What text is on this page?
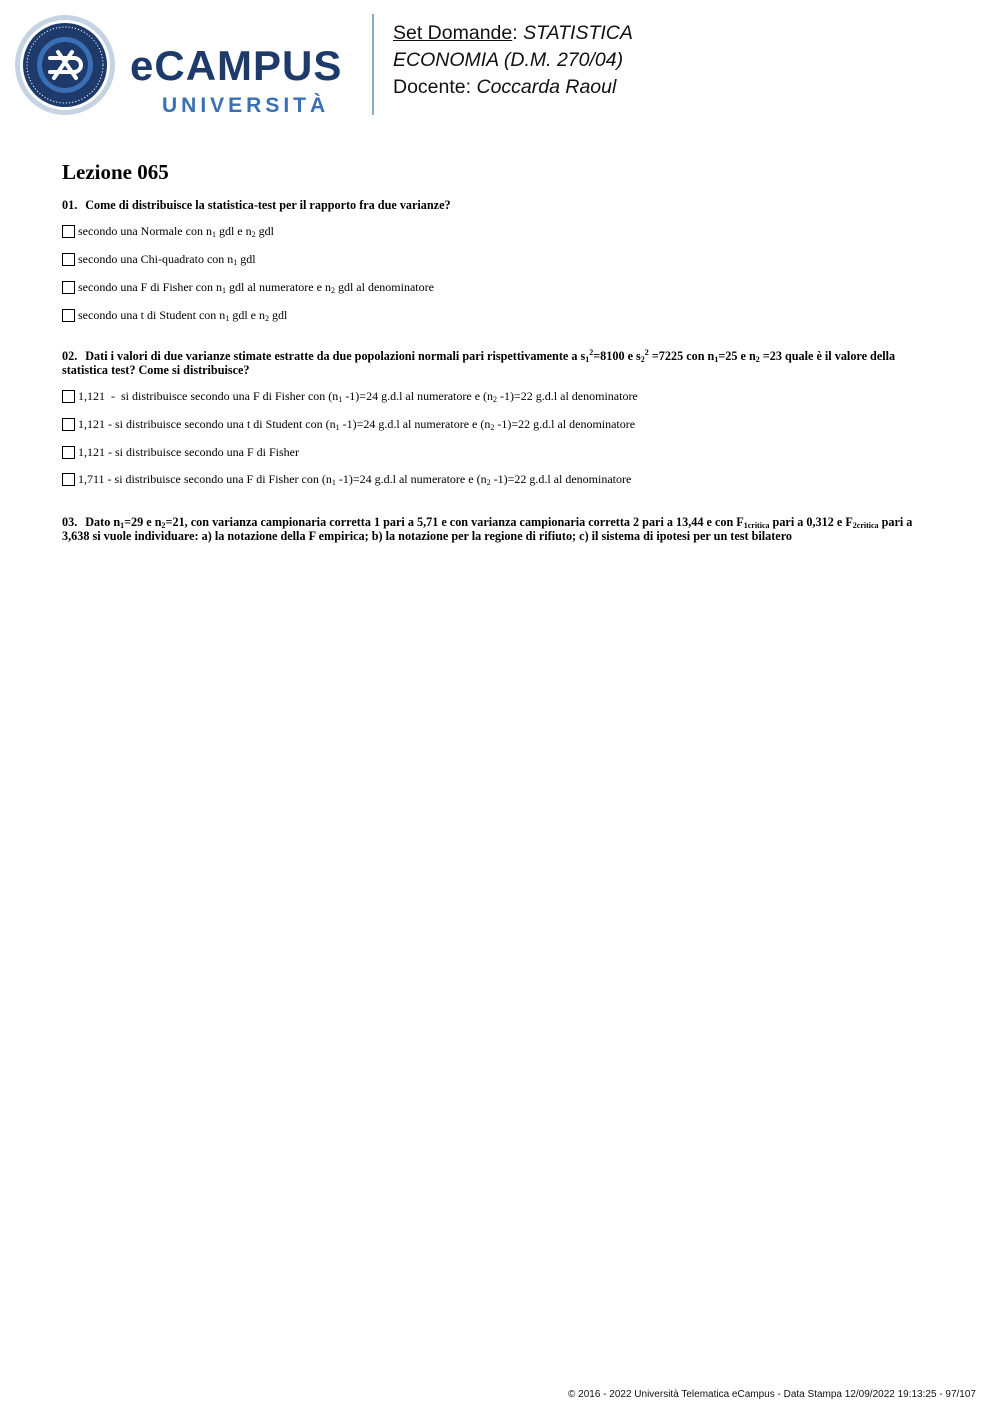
eCAMPUS
UNIVERSITÀ
Set Domande: STATISTICA
ECONOMIA (D.M. 270/04)
Docente: Coccarda Raoul
Lezione 065
01. Come di distribuisce la statistica-test per il rapporto fra due varianze?
secondo una Normale con $n_1$ gdl e $n_2$ gdl
secondo una Chi-quadrato con $n_1$ gdl
secondo una F di Fisher con $n_1$ gdl al numeratore e $n_2$ gdl al denominatore
secondo una t di Student con $n_1$ gdl e $n_2$ gdl
02. Dati i valori di due varianze stimate estratte da due popolazioni normali pari rispettivamente a $s_1^2=8100$ e $s_2^2 =7225$ con $n_1=25$ e $n_2 =23$ quale è il valore della statistica test? Come si distribuisce?
1,121  -  si distribuisce secondo una F di Fisher con ($n_1$ -1)=24 g.d.l al numeratore e ($n_2$ -1)=22 g.d.l al denominatore
1,121 - si distribuisce secondo una t di Student con ($n_1$ -1)=24 g.d.l al numeratore e ($n_2$ -1)=22 g.d.l al denominatore
1,121 - si distribuisce secondo una F di Fisher
1,711 - si distribuisce secondo una F di Fisher con ($n_1$ -1)=24 g.d.l al numeratore e ($n_2$ -1)=22 g.d.l al denominatore
03. Dato $n_1=29$ e $n_2=21$, con varianza campionaria corretta 1 pari a 5,71 e con varianza campionaria corretta 2 pari a 13,44 e con $F_{1critica}$ pari a 0,312 e $F_{2critica}$ pari a 3,638 si vuole individuare: a) la notazione della F empirica; b) la notazione per la regione di rifiuto; c) il sistema di ipotesi per un test bilatero
© 2016 - 2022 Università Telematica eCampus - Data Stampa 12/09/2022 19:13:25 - 97/107
